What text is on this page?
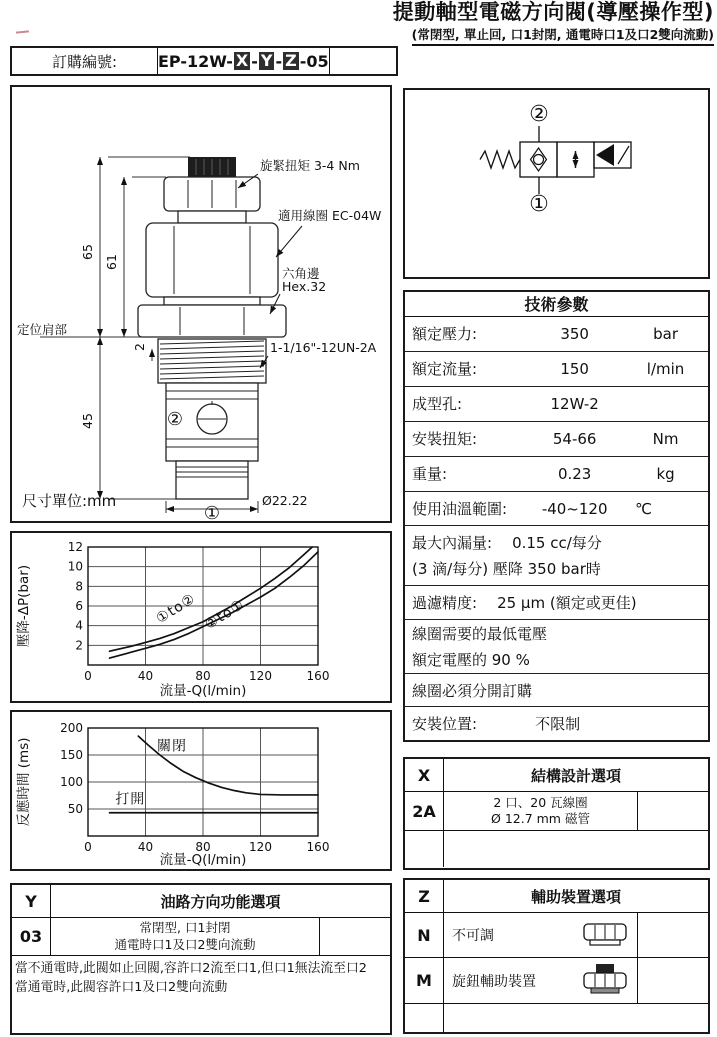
提動軸型電磁方向閥(導壓操作型)
(常閉型, 單止回, 口1封閉, 通電時口1及口2雙向流動)
訂購編號:	EP-12W- X - Y - Z -05
65
61
45
2
Ø22.22
旋緊扭矩 3-4 Nm
適用線圈 EC-04W
六角邊
Hex.32
1-1/16"-12UN-2A
定位肩部
②
①
尺寸單位:mm
0	40	80	120	160
2
4
6
8
10
12
①to② ②to①
流量-Q(l/min)
壓降-ΔP(bar)
0	40	80	120	160
50
100
150
200
關閉
打開
流量-Q(l/min)
反應時間 (ms)
Y	油路方向功能選項
03	常閉型, 口1封閉
通電時口1及口2雙向流動
當不通電時,此閥如止回閥,容許口2流至口1,但口1無法流至口2
當通電時,此閥容許口1及口2雙向流動
②
①
技術參數
額定壓力:	350	bar
額定流量:	150	l/min
成型孔:	12W-2
安裝扭矩:	54-66	Nm
重量:	0.23	kg
使用油溫範圍:	-40~120	℃
最大內漏量: 0.15 cc/每分
(3 滴/每分) 壓降 350 bar時
過濾精度: 25 μm (額定或更佳)
線圈需要的最低電壓
額定電壓的 90 %
線圈必須分開訂購
安裝位置:	不限制
X	結構設計選項
2A	2 口、20 瓦線圈
Ø 12.7 mm 磁管
Z	輔助裝置選項
N	不可調
M	旋鈕輔助裝置
